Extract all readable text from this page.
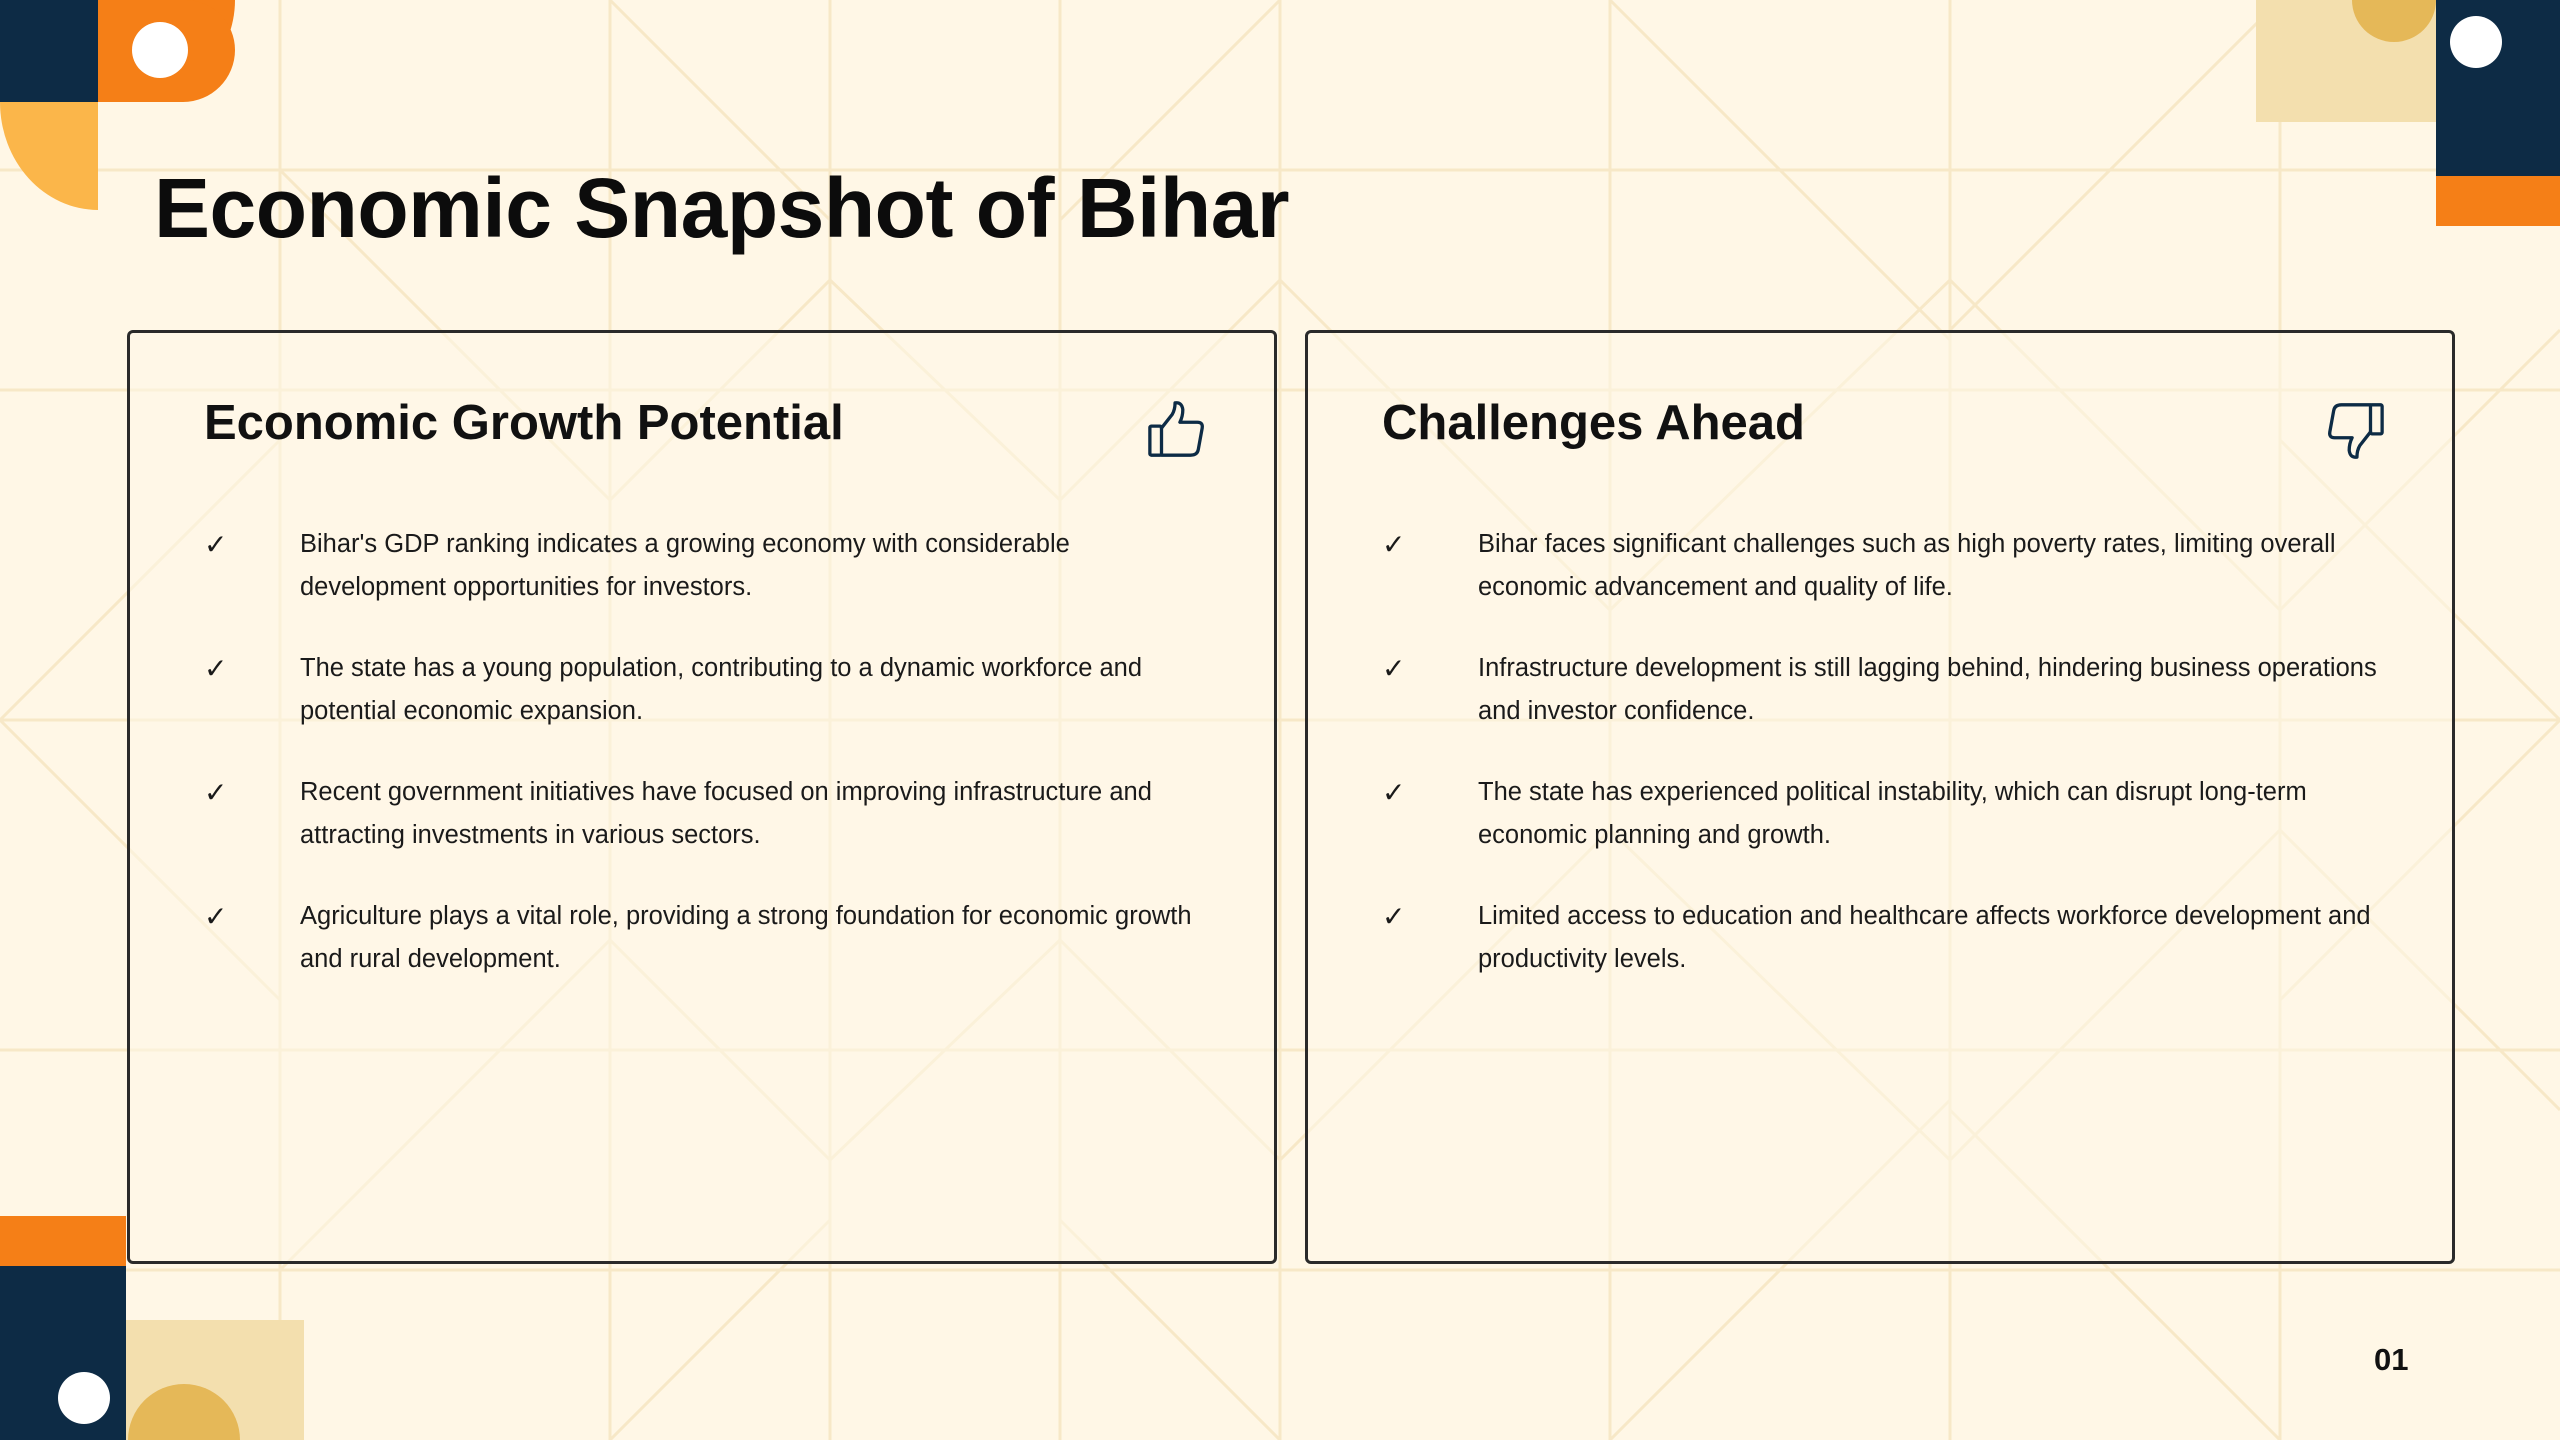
Economic Snapshot of Bihar
Economic Growth Potential
✓	Bihar's GDP ranking indicates a growing economy with considerable development opportunities for investors.
✓	The state has a young population, contributing to a dynamic workforce and potential economic expansion.
✓	Recent government initiatives have focused on improving infrastructure and attracting investments in various sectors.
✓	Agriculture plays a vital role, providing a strong foundation for economic growth and rural development.
Challenges Ahead
✓	Bihar faces significant challenges such as high poverty rates, limiting overall economic advancement and quality of life.
✓	Infrastructure development is still lagging behind, hindering business operations and investor confidence.
✓	The state has experienced political instability, which can disrupt long-term economic planning and growth.
✓	Limited access to education and healthcare affects workforce development and productivity levels.
01
